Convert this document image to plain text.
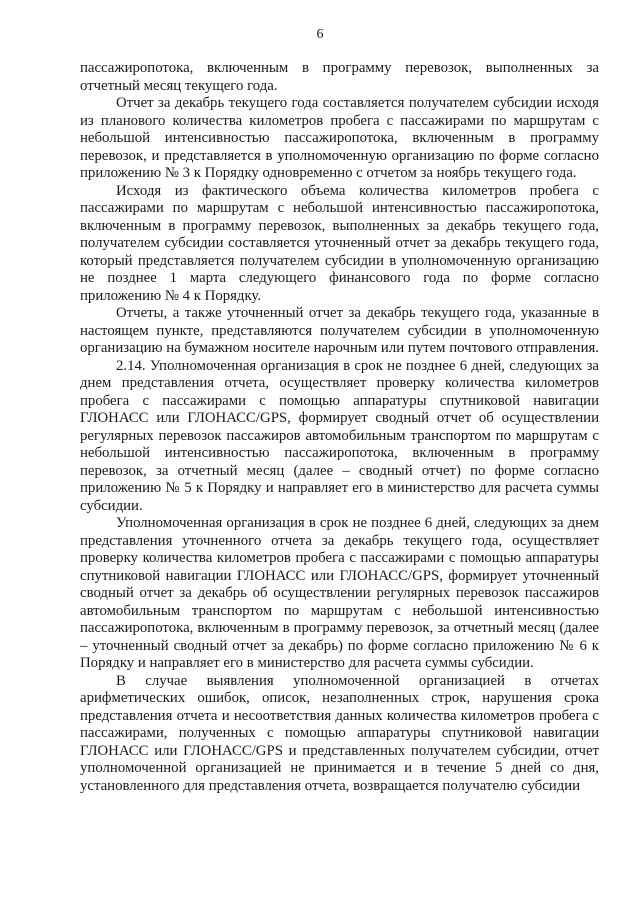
6

пассажиропотока, включенным в программу перевозок, выполненных за отчетный месяц текущего года.

Отчет за декабрь текущего года составляется получателем субсидии исходя из планового количества километров пробега с пассажирами по маршрутам с небольшой интенсивностью пассажиропотока, включенным в программу перевозок, и представляется в уполномоченную организацию по форме согласно приложению № 3 к Порядку одновременно с отчетом за ноябрь текущего года.

Исходя из фактического объема количества километров пробега с пассажирами по маршрутам с небольшой интенсивностью пассажиропотока, включенным в программу перевозок, выполненных за декабрь текущего года, получателем субсидии составляется уточненный отчет за декабрь текущего года, который представляется получателем субсидии в уполномоченную организацию не позднее 1 марта следующего финансового года по форме согласно приложению № 4 к Порядку.

Отчеты, а также уточненный отчет за декабрь текущего года, указанные в настоящем пункте, представляются получателем субсидии в уполномоченную организацию на бумажном носителе нарочным или путем почтового отправления.

2.14. Уполномоченная организация в срок не позднее 6 дней, следующих за днем представления отчета, осуществляет проверку количества километров пробега с пассажирами с помощью аппаратуры спутниковой навигации ГЛОНАСС или ГЛОНАСС/GPS, формирует сводный отчет об осуществлении регулярных перевозок пассажиров автомобильным транспортом по маршрутам с небольшой интенсивностью пассажиропотока, включенным в программу перевозок, за отчетный месяц (далее – сводный отчет) по форме согласно приложению № 5 к Порядку и направляет его в министерство для расчета суммы субсидии.

Уполномоченная организация в срок не позднее 6 дней, следующих за днем представления уточненного отчета за декабрь текущего года, осуществляет проверку количества километров пробега с пассажирами с помощью аппаратуры спутниковой навигации ГЛОНАСС или ГЛОНАСС/GPS, формирует уточненный сводный отчет за декабрь об осуществлении регулярных перевозок пассажиров автомобильным транспортом по маршрутам с небольшой интенсивностью пассажиропотока, включенным в программу перевозок, за отчетный месяц (далее – уточненный сводный отчет за декабрь) по форме согласно приложению № 6 к Порядку и направляет его в министерство для расчета суммы субсидии.

В случае выявления уполномоченной организацией в отчетах арифметических ошибок, описок, незаполненных строк, нарушения срока представления отчета и несоответствия данных количества километров пробега с пассажирами, полученных с помощью аппаратуры спутниковой навигации ГЛОНАСС или ГЛОНАСС/GPS и представленных получателем субсидии, отчет уполномоченной организацией не принимается и в течение 5 дней со дня, установленного для представления отчета, возвращается получателю субсидии
